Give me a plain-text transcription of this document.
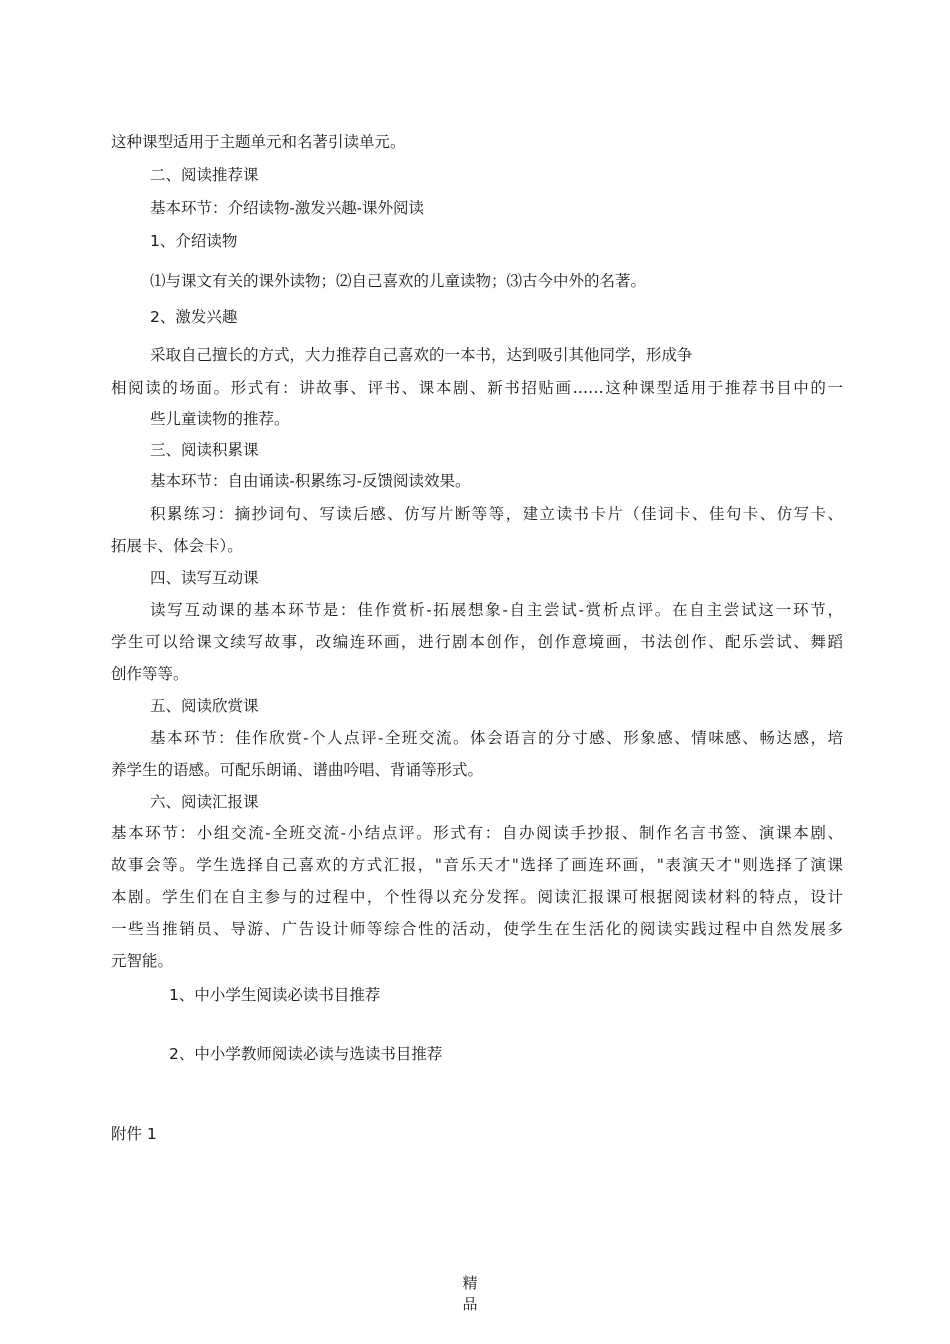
这种课型适用于主题单元和名著引读单元。

二、阅读推荐课

基本环节：介绍读物-激发兴趣-课外阅读

1、介绍读物

⑴与课文有关的课外读物；⑵自己喜欢的儿童读物；⑶古今中外的名著。

2、激发兴趣

采取自己擅长的方式，大力推荐自己喜欢的一本书，达到吸引其他同学，形成争

相阅读的场面。形式有：讲故事、评书、课本剧、新书招贴画……这种课型适用于推荐书目中的一

些儿童读物的推荐。

三、阅读积累课

基本环节：自由诵读-积累练习-反馈阅读效果。

积累练习：摘抄词句、写读后感、仿写片断等等，建立读书卡片（佳词卡、佳句卡、仿写卡、

拓展卡、体会卡）。

四、读写互动课

读写互动课的基本环节是：佳作赏析-拓展想象-自主尝试-赏析点评。在自主尝试这一环节，

学生可以给课文续写故事，改编连环画，进行剧本创作，创作意境画，书法创作、配乐尝试、舞蹈

创作等等。

五、阅读欣赏课

基本环节：佳作欣赏-个人点评-全班交流。体会语言的分寸感、形象感、情味感、畅达感，培

养学生的语感。可配乐朗诵、谱曲吟唱、背诵等形式。

六、阅读汇报课

基本环节：小组交流-全班交流-小结点评。形式有：自办阅读手抄报、制作名言书签、演课本剧、

故事会等。学生选择自己喜欢的方式汇报，"音乐天才"选择了画连环画，"表演天才"则选择了演课

本剧。学生们在自主参与的过程中，个性得以充分发挥。阅读汇报课可根据阅读材料的特点，设计

一些当推销员、导游、广告设计师等综合性的活动，使学生在生活化的阅读实践过程中自然发展多

元智能。

1、中小学生阅读必读书目推荐

2、中小学教师阅读必读与选读书目推荐

附件 1

精品
